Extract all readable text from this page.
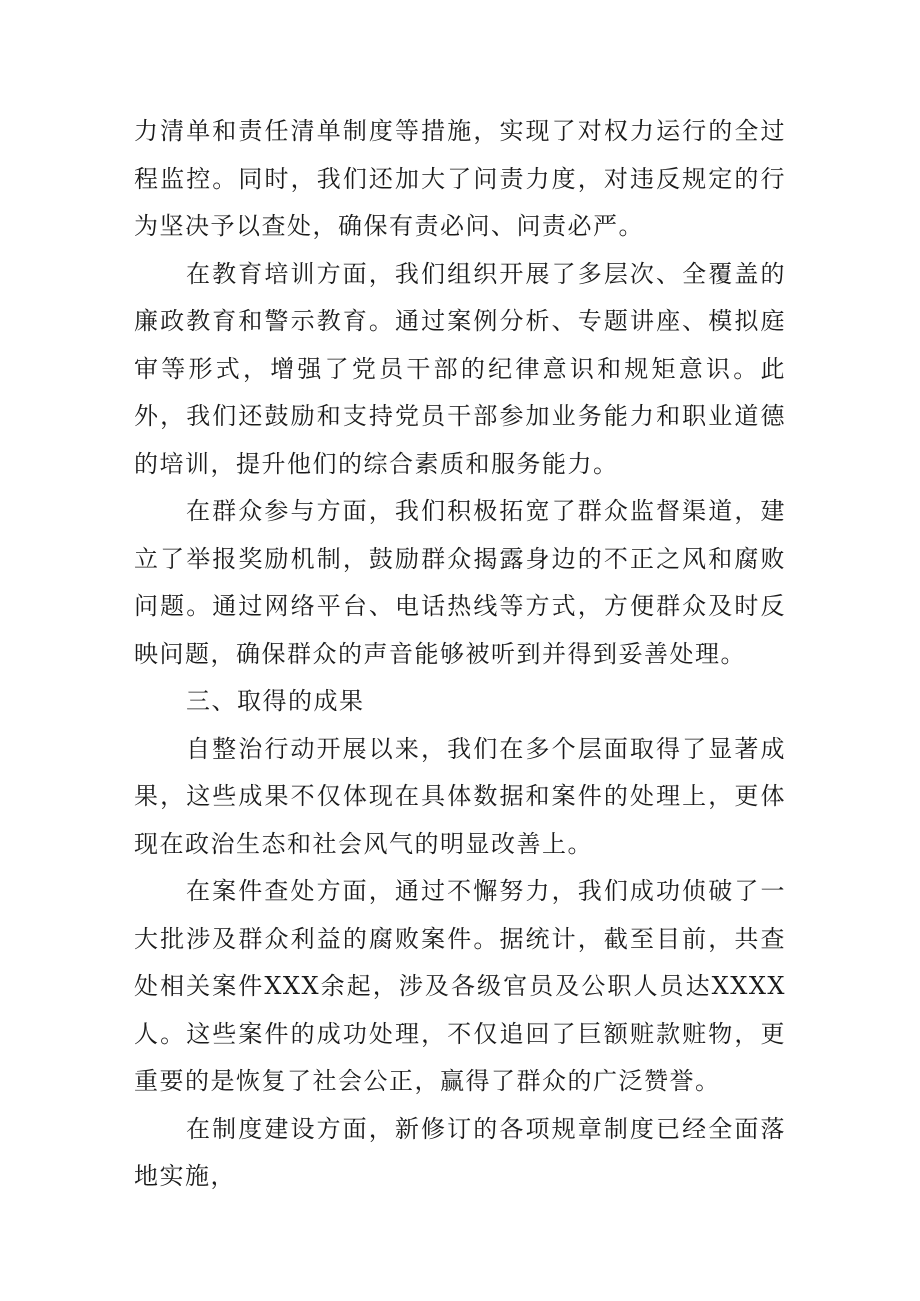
力清单和责任清单制度等措施，实现了对权力运行的全过程监控。同时，我们还加大了问责力度，对违反规定的行为坚决予以查处，确保有责必问、问责必严。

在教育培训方面，我们组织开展了多层次、全覆盖的廉政教育和警示教育。通过案例分析、专题讲座、模拟庭审等形式，增强了党员干部的纪律意识和规矩意识。此外，我们还鼓励和支持党员干部参加业务能力和职业道德的培训，提升他们的综合素质和服务能力。

在群众参与方面，我们积极拓宽了群众监督渠道，建立了举报奖励机制，鼓励群众揭露身边的不正之风和腐败问题。通过网络平台、电话热线等方式，方便群众及时反映问题，确保群众的声音能够被听到并得到妥善处理。

三、取得的成果

自整治行动开展以来，我们在多个层面取得了显著成果，这些成果不仅体现在具体数据和案件的处理上，更体现在政治生态和社会风气的明显改善上。

在案件查处方面，通过不懈努力，我们成功侦破了一大批涉及群众利益的腐败案件。据统计，截至目前，共查处相关案件XXX余起，涉及各级官员及公职人员达XXXX人。这些案件的成功处理，不仅追回了巨额赃款赃物，更重要的是恢复了社会公正，赢得了群众的广泛赞誉。

在制度建设方面，新修订的各项规章制度已经全面落地实施，
